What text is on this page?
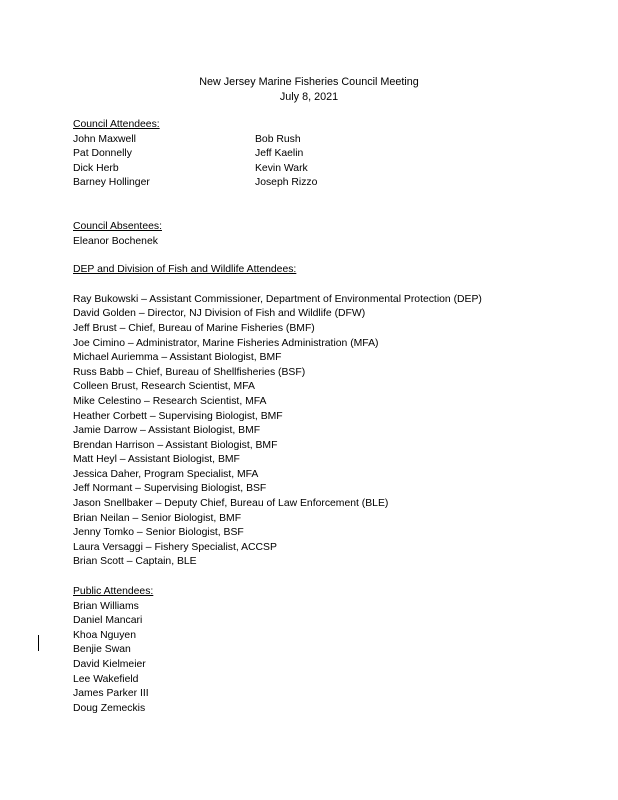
New Jersey Marine Fisheries Council Meeting
July 8, 2021
Council Attendees:
John Maxwell
Pat Donnelly
Dick Herb
Barney Hollinger
Bob Rush
Jeff Kaelin
Kevin Wark
Joseph Rizzo
Council Absentees:
Eleanor Bochenek
DEP and Division of Fish and Wildlife Attendees:
Ray Bukowski – Assistant Commissioner, Department of Environmental Protection (DEP)
David Golden – Director, NJ Division of Fish and Wildlife (DFW)
Jeff Brust – Chief, Bureau of Marine Fisheries (BMF)
Joe Cimino – Administrator, Marine Fisheries Administration (MFA)
Michael Auriemma – Assistant Biologist, BMF
Russ Babb – Chief, Bureau of Shellfisheries (BSF)
Colleen Brust, Research Scientist, MFA
Mike Celestino – Research Scientist, MFA
Heather Corbett – Supervising Biologist, BMF
Jamie Darrow – Assistant Biologist, BMF
Brendan Harrison – Assistant Biologist, BMF
Matt Heyl – Assistant Biologist, BMF
Jessica Daher, Program Specialist, MFA
Jeff Normant – Supervising Biologist, BSF
Jason Snellbaker – Deputy Chief, Bureau of Law Enforcement (BLE)
Brian Neilan – Senior Biologist, BMF
Jenny Tomko – Senior Biologist, BSF
Laura Versaggi – Fishery Specialist, ACCSP
Brian Scott – Captain, BLE
Public Attendees:
Brian Williams
Daniel Mancari
Khoa Nguyen
Benjie Swan
David Kielmeier
Lee Wakefield
James Parker III
Doug Zemeckis
